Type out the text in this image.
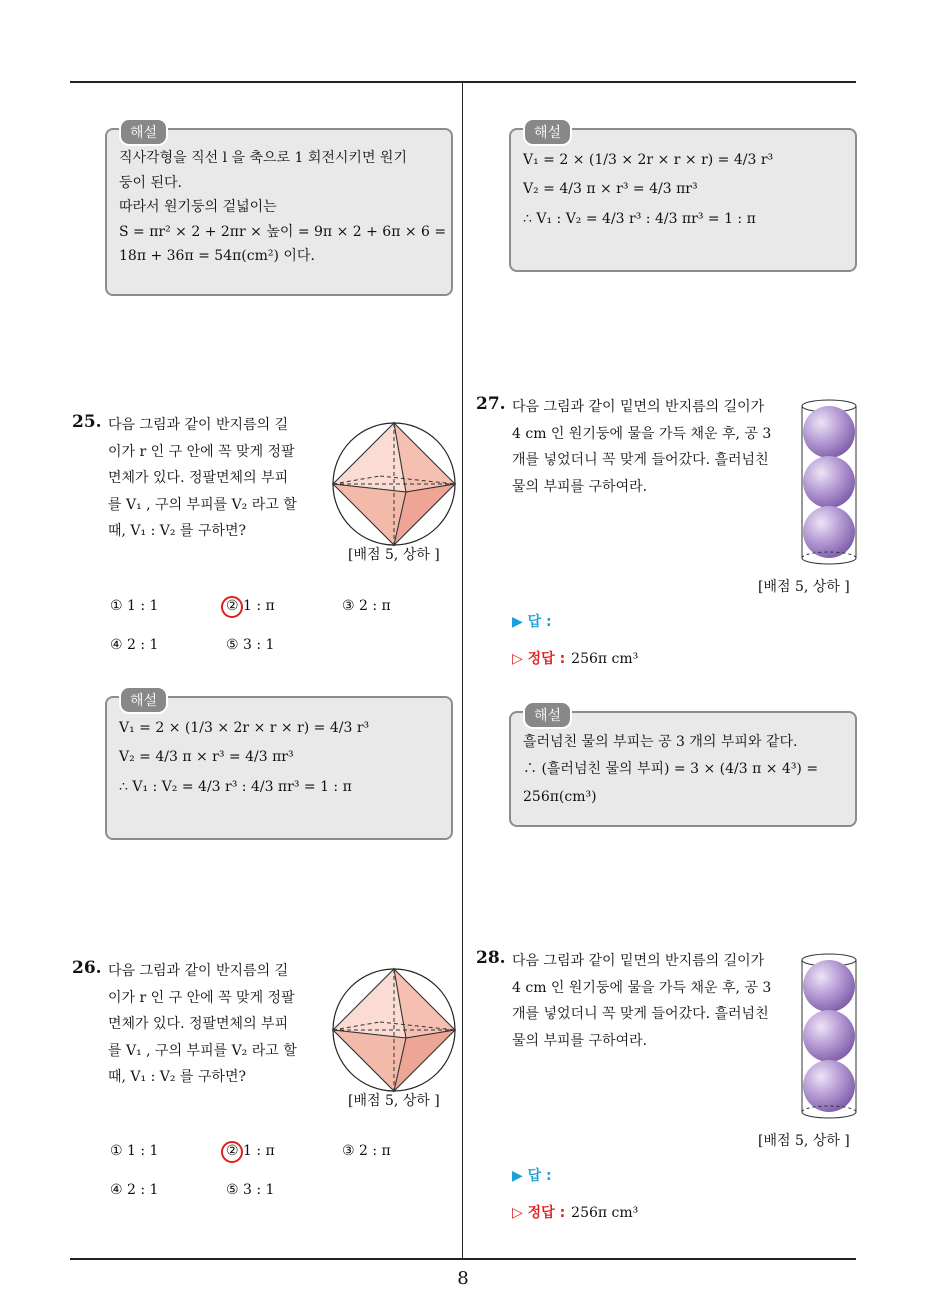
8
해설
직사각형을 직선 l 을 축으로 1 회전시키면 원기
둥이 된다.
따라서 원기둥의 겉넓이는
S = πr² × 2 + 2πr × 높이 = 9π × 2 + 6π × 6 =
18π + 36π = 54π(cm²) 이다.
25. 다음 그림과 같이 반지름의 길
이가 r 인 구 안에 꼭 맞게 정팔
면체가 있다. 정팔면체의 부피
를 V₁ , 구의 부피를 V₂ 라고 할
때, V₁ : V₂ 를 구하면?
[배점 5, 상하 ]
① 1 : 1	② 1 : π	③ 2 : π
④ 2 : 1	⑤ 3 : 1
해설
V₁ = 2 × (1/3 × 2r × r × r) = 4/3 r³
V₂ = 4/3 π × r³ = 4/3 πr³
∴ V₁ : V₂ = 4/3 r³ : 4/3 πr³ = 1 : π
26. 다음 그림과 같이 반지름의 길
이가 r 인 구 안에 꼭 맞게 정팔
면체가 있다. 정팔면체의 부피
를 V₁ , 구의 부피를 V₂ 라고 할
때, V₁ : V₂ 를 구하면?
[배점 5, 상하 ]
① 1 : 1	② 1 : π	③ 2 : π
④ 2 : 1	⑤ 3 : 1
해설
V₁ = 2 × (1/3 × 2r × r × r) = 4/3 r³
V₂ = 4/3 π × r³ = 4/3 πr³
∴ V₁ : V₂ = 4/3 r³ : 4/3 πr³ = 1 : π
27. 다음 그림과 같이 밑면의 반지름의 길이가
4 cm 인 원기둥에 물을 가득 채운 후, 공 3
개를 넣었더니 꼭 맞게 들어갔다. 흘러넘친
물의 부피를 구하여라.
[배점 5, 상하 ]
▶ 답 :
▷ 정답 : 256π cm³
해설
흘러넘친 물의 부피는 공 3 개의 부피와 같다.
∴ (흘러넘친 물의 부피) = 3 × (4/3 π × 4³) =
256π(cm³)
28. 다음 그림과 같이 밑면의 반지름의 길이가
4 cm 인 원기둥에 물을 가득 채운 후, 공 3
개를 넣었더니 꼭 맞게 들어갔다. 흘러넘친
물의 부피를 구하여라.
[배점 5, 상하 ]
▶ 답 :
▷ 정답 : 256π cm³
